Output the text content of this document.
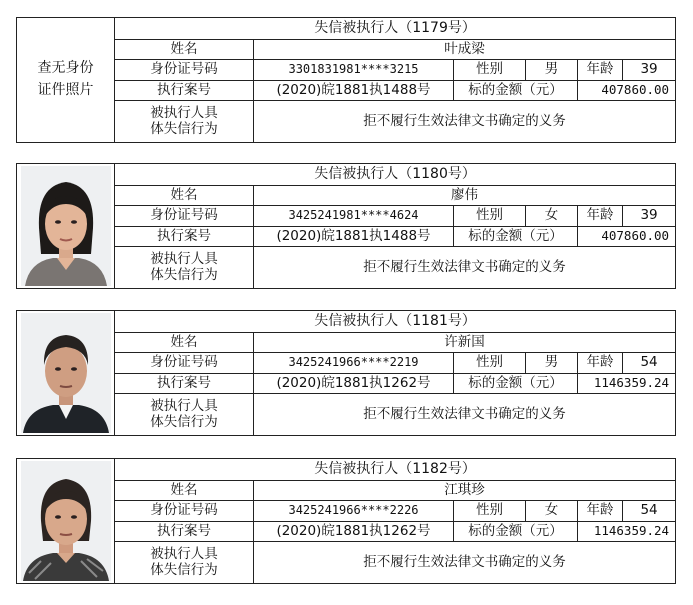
查无身份
证件照片	失信被执行人（1179号）					
	姓名	叶成梁				
	身份证号码	3301831981****3215	性别	男	年龄	39
	执行案号	(2020)皖1881执1488号	标的金额（元）		407860.00	

	被执行人具
体失信行为	拒不履行生效法律文书确定的义务				
	失信被执行人（1180号）					
	姓名	廖伟				
	身份证号码	3425241981****4624	性别	女	年龄	39
	执行案号	(2020)皖1881执1488号	标的金额（元）		407860.00	

	被执行人具
体失信行为	拒不履行生效法律文书确定的义务				
	失信被执行人（1181号）					
	姓名	许新国				
	身份证号码	3425241966****2219	性别	男	年龄	54
	执行案号	(2020)皖1881执1262号	标的金额（元）		1146359.24	

	被执行人具
体失信行为	拒不履行生效法律文书确定的义务				
	失信被执行人（1182号）					
	姓名	江琪珍				
	身份证号码	3425241966****2226	性别	女	年龄	54
	执行案号	(2020)皖1881执1262号	标的金额（元）		1146359.24	

	被执行人具
体失信行为	拒不履行生效法律文书确定的义务				
